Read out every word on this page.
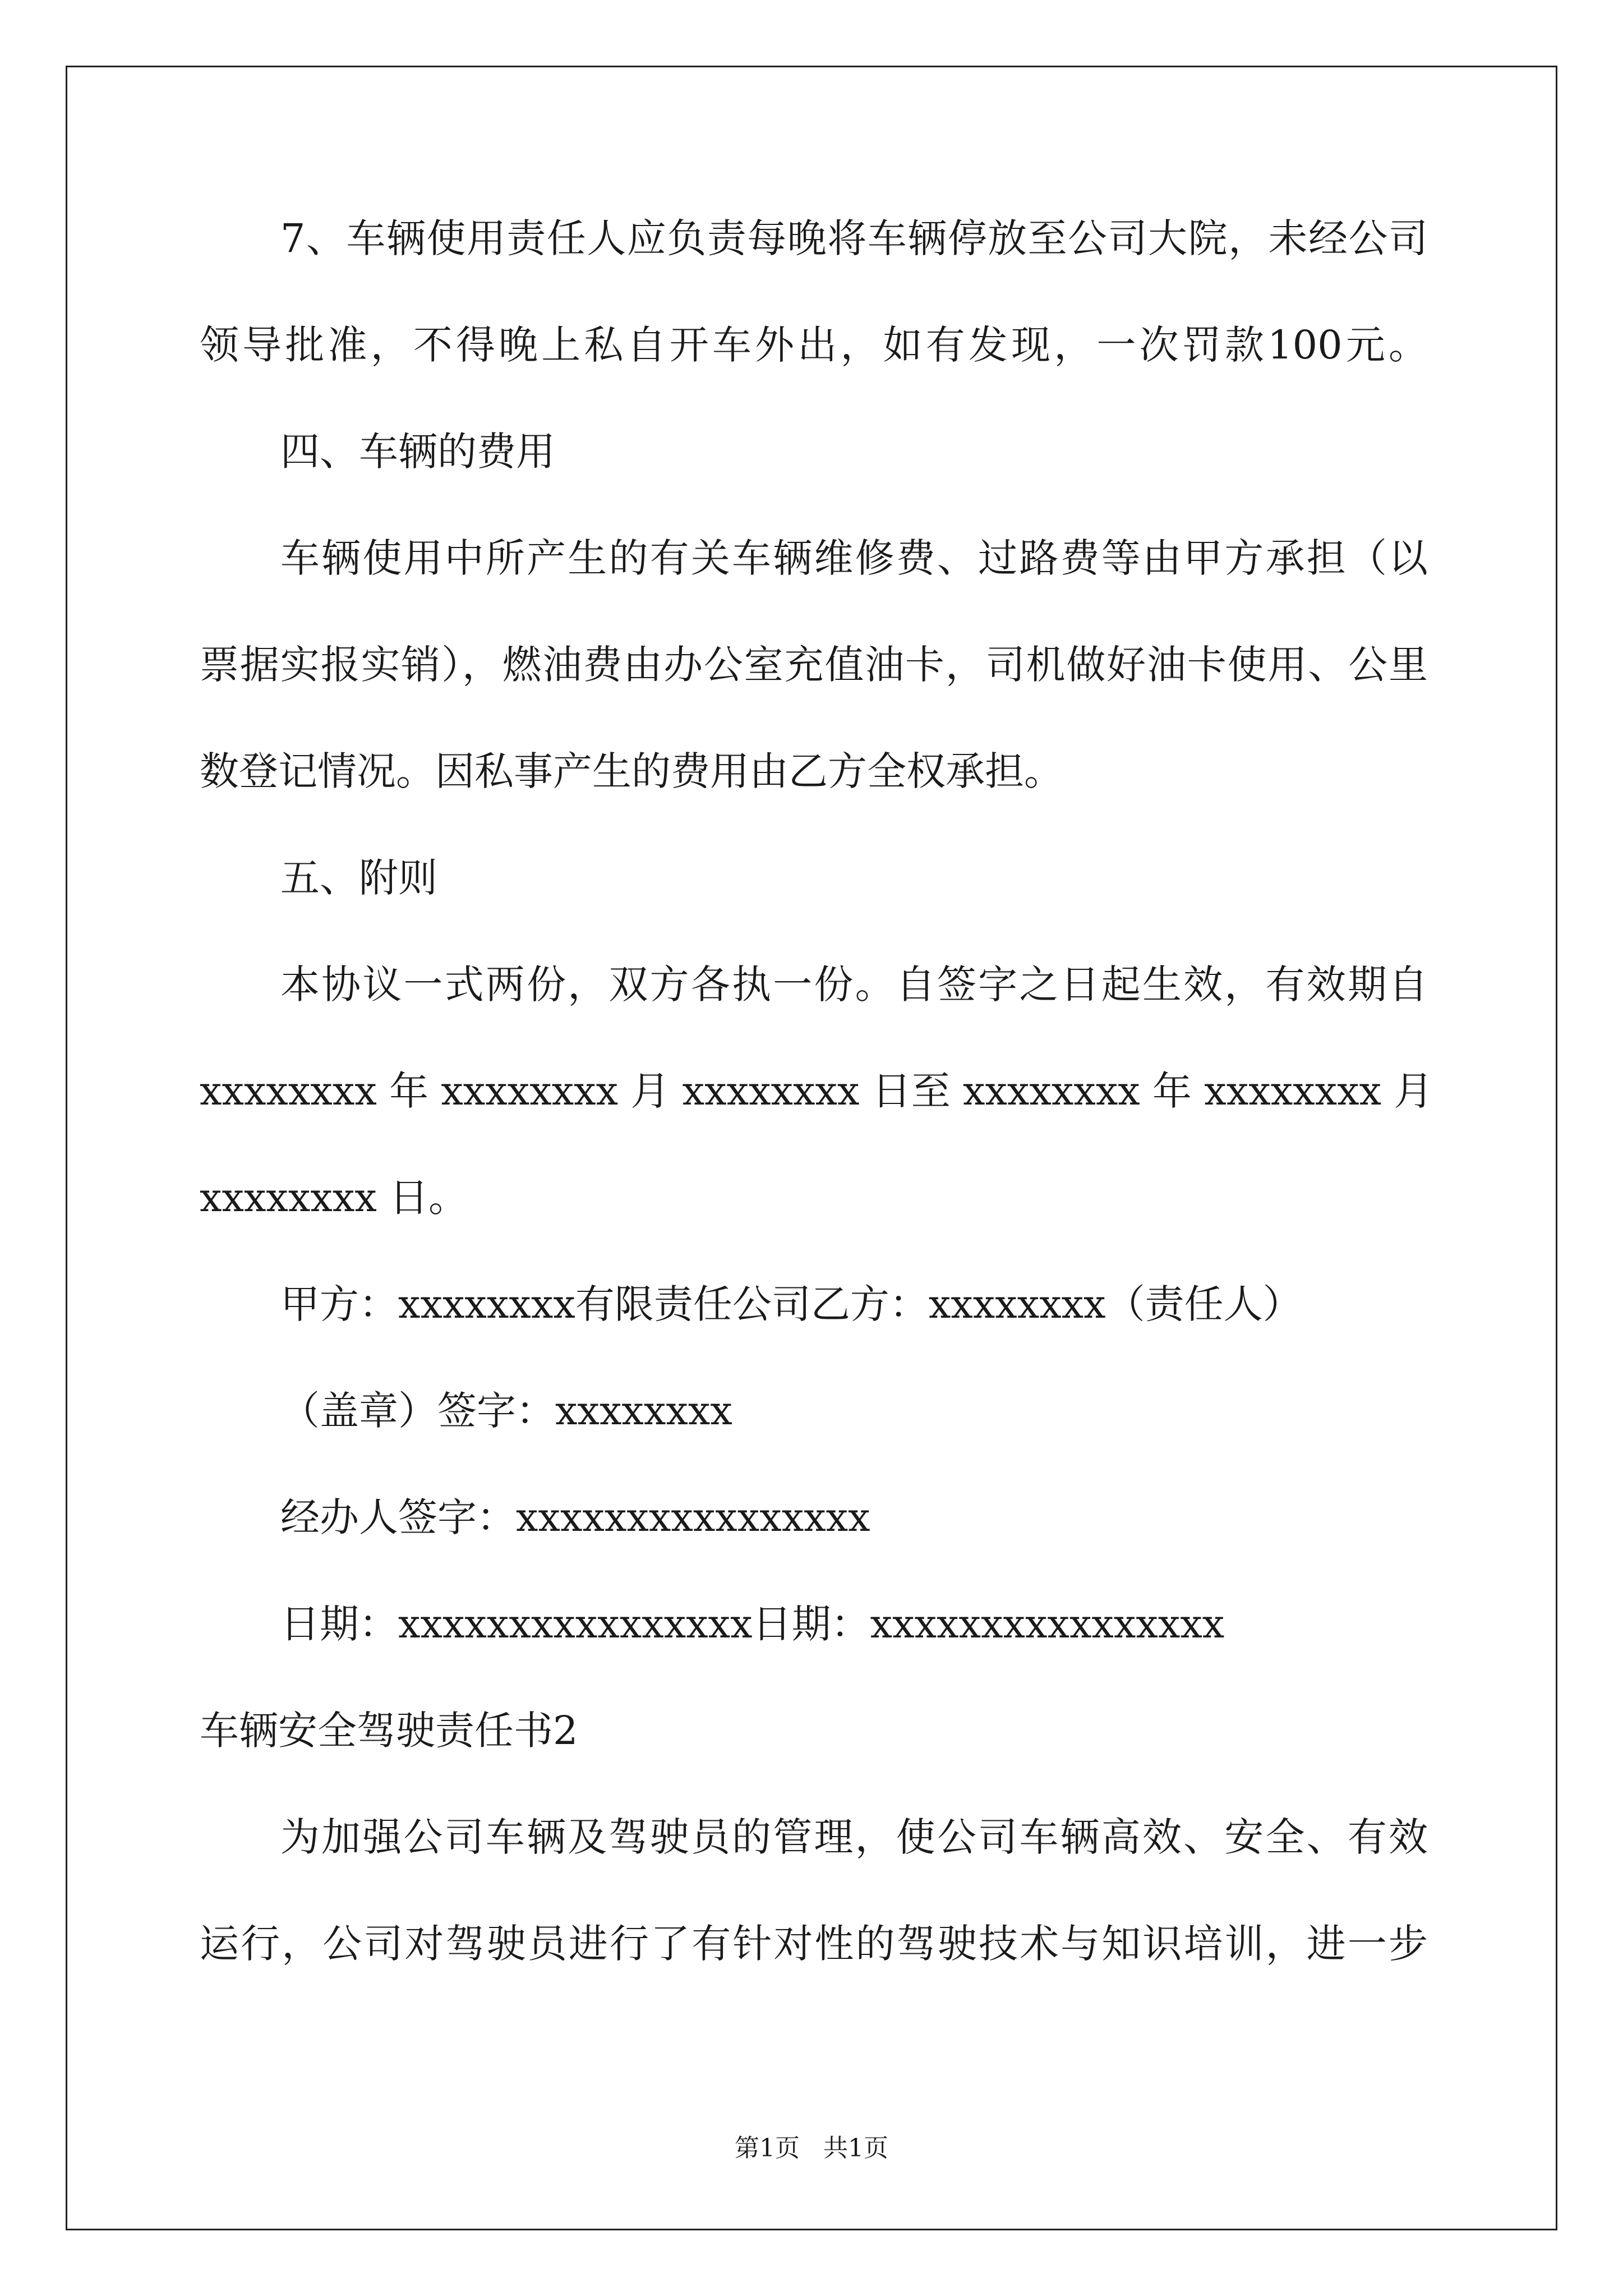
7、车辆使用责任人应负责每晚将车辆停放至公司大院，未经公司
领导批准，不得晚上私自开车外出，如有发现，一次罚款100元。
四、车辆的费用
车辆使用中所产生的有关车辆维修费、过路费等由甲方承担（以
票据实报实销），燃油费由办公室充值油卡，司机做好油卡使用、公里
数登记情况。因私事产生的费用由乙方全权承担。
五、附则
本协议一式两份，双方各执一份。自签字之日起生效，有效期自
xxxxxxxx 年 xxxxxxxx 月 xxxxxxxx 日至 xxxxxxxx 年 xxxxxxxx 月
xxxxxxxx 日。
甲方：xxxxxxxx有限责任公司乙方：xxxxxxxx（责任人）
（盖章）签字：xxxxxxxx
经办人签字：xxxxxxxxxxxxxxxx
日期：xxxxxxxxxxxxxxxx日期：xxxxxxxxxxxxxxxx
车辆安全驾驶责任书2
为加强公司车辆及驾驶员的管理，使公司车辆高效、安全、有效
运行，公司对驾驶员进行了有针对性的驾驶技术与知识培训，进一步
第1页   共1页
